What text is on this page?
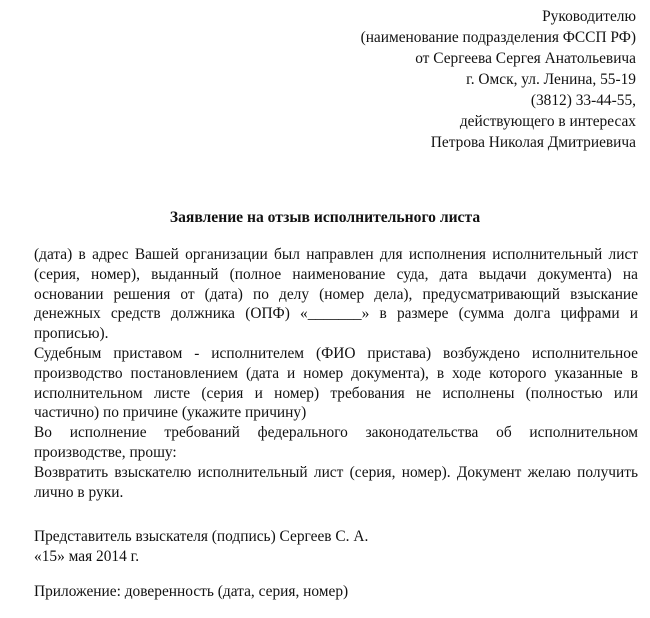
Руководителю
(наименование подразделения ФССП РФ)
от Сергеева Сергея Анатольевича
г. Омск, ул. Ленина, 55-19
(3812) 33-44-55,
действующего в интересах
Петрова Николая Дмитриевича
Заявление на отзыв исполнительного листа

(дата) в адрес Вашей организации был направлен для исполнения исполнительный лист (серия, номер), выданный (полное наименование суда, дата выдачи документа) на основании решения от (дата) по делу (номер дела), предусматривающий взыскание денежных средств должника (ОПФ) «_______» в размере (сумма долга цифрами и прописью).

Судебным приставом - исполнителем (ФИО пристава) возбуждено исполнительное производство постановлением (дата и номер документа), в ходе которого указанные в исполнительном листе (серия и номер) требования не исполнены (полностью или частично) по причине (укажите причину)

Во исполнение требований федерального законодательства об исполнительном производстве, прошу:

Возвратить взыскателю исполнительный лист (серия, номер). Документ желаю получить лично в руки.

Представитель взыскателя (подпись) Сергеев С. А.
«15» мая 2014 г.
Приложение: доверенность (дата, серия, номер)
